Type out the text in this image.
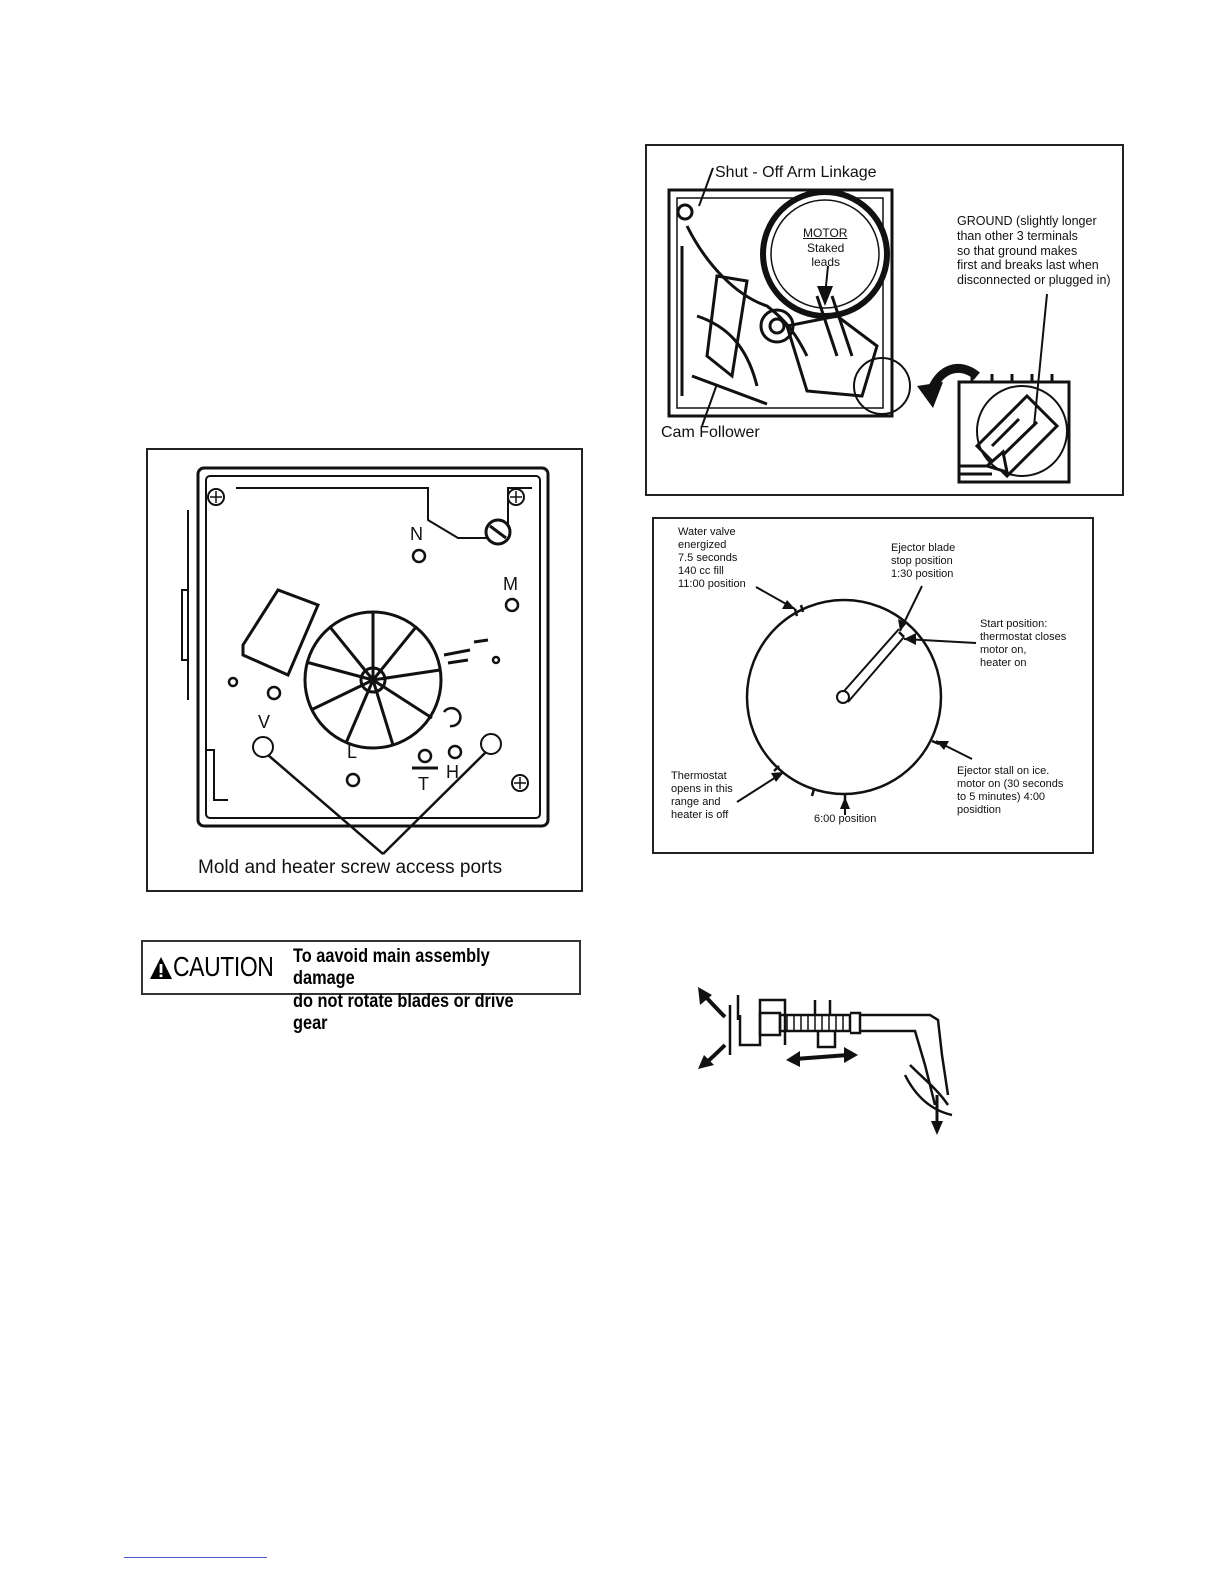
N
M
V
L
T
H
Mold and heater screw access ports
CAUTION To aavoid main assembly damage
do not rotate blades or drive gear
Shut - Off Arm Linkage
MOTOR
Staked
leads
GROUND (slightly longer
than other 3 terminals
so that ground makes
first and breaks last when
disconnected or plugged in)
Cam Follower
Water valve
energized
7.5 seconds
140 cc fill
11:00 position
Ejector blade
stop position
1:30 position
Start position:
thermostat closes
motor on,
heater on
Ejector stall on ice.
motor on (30 seconds
to 5 minutes) 4:00
posidtion
Thermostat
opens in this
range and
heater is off	6:00 position
